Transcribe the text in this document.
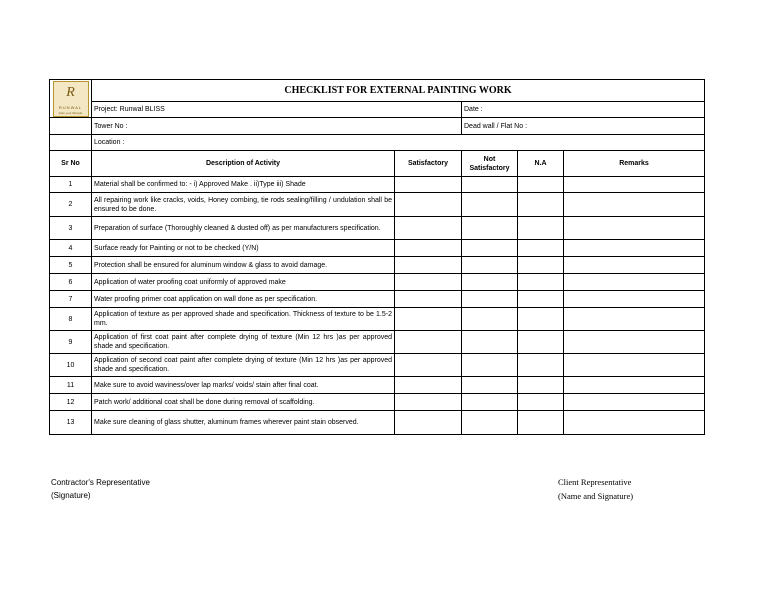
R
RUNWAL
style your lifestyle	CHECKLIST FOR EXTERNAL PAINTING WORK				
	Project: Runwal BLISS		Date :		
	Tower No :		Dead wall / Flat No :		
	Location :				
Sr No	Description of Activity	Satisfactory	Not Satisfactory	N.A	Remarks
1	Material shall be confirmed to: - i) Approved Make . ii)Type iii) Shade				
2	All repairing work like cracks, voids, Honey combing, tie rods sealing/filling / undulation shall be ensured to be done.				
3	Preparation of surface (Thoroughly cleaned & dusted off) as per manufacturers specification.				
4	Surface ready for Painting or not to be checked (Y/N)				
5	Protection shall be ensured for aluminum window & glass to avoid damage.				
6	Application of water proofing coat uniformly of approved make				
7	Water proofing primer coat application on wall done as per specification.				
8	Application of texture as per approved shade and specification. Thickness of texture to be 1.5-2 mm.				
9	Application of first coat paint after complete drying of texture (Min 12 hrs )as per approved shade and specification.				
10	Application of second coat paint after complete drying of texture (Min 12 hrs )as per approved shade and specification.				
11	Make sure to avoid waviness/over lap marks/ voids/ stain after final coat.				
12	Patch work/ additional coat shall be done during removal of scaffolding.				
13	Make sure cleaning of glass shutter, aluminum frames wherever paint stain observed.				
Contractor's Representative
(Signature)
Client Representative
(Name and Signature)
